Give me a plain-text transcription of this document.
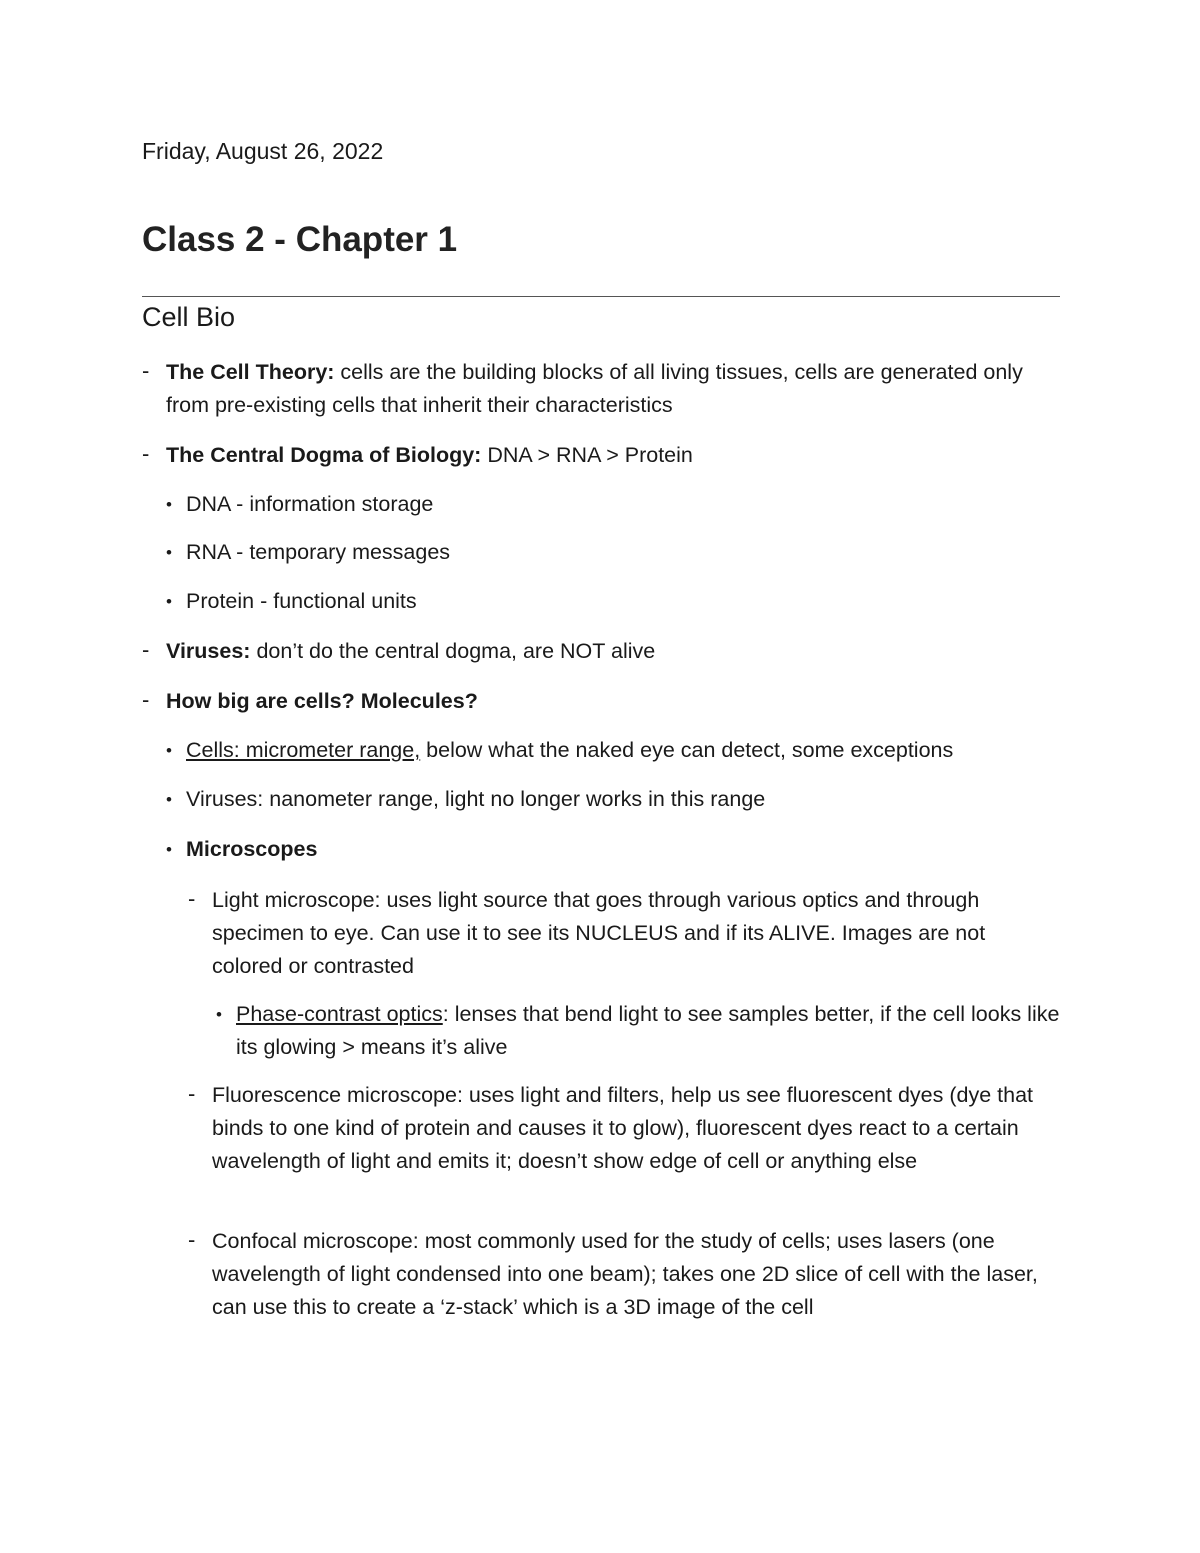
Friday, August 26, 2022
Class 2 - Chapter 1
Cell Bio
- The Cell Theory: cells are the building blocks of all living tissues, cells are generated only from pre-existing cells that inherit their characteristics
- The Central Dogma of Biology: DNA > RNA > Protein
• DNA - information storage
• RNA - temporary messages
• Protein - functional units
- Viruses: don’t do the central dogma, are NOT alive
- How big are cells? Molecules?
• Cells: micrometer range, below what the naked eye can detect, some exceptions
• Viruses: nanometer range, light no longer works in this range
• Microscopes
- Light microscope: uses light source that goes through various optics and through specimen to eye. Can use it to see its NUCLEUS and if its ALIVE. Images are not colored or contrasted
• Phase-contrast optics: lenses that bend light to see samples better, if the cell looks like its glowing > means it’s alive
- Fluorescence microscope: uses light and filters, help us see fluorescent dyes (dye that binds to one kind of protein and causes it to glow), fluorescent dyes react to a certain wavelength of light and emits it; doesn’t show edge of cell or anything else
- Confocal microscope: most commonly used for the study of cells; uses lasers (one wavelength of light condensed into one beam); takes one 2D slice of cell with the laser, can use this to create a ‘z-stack’ which is a 3D image of the cell
